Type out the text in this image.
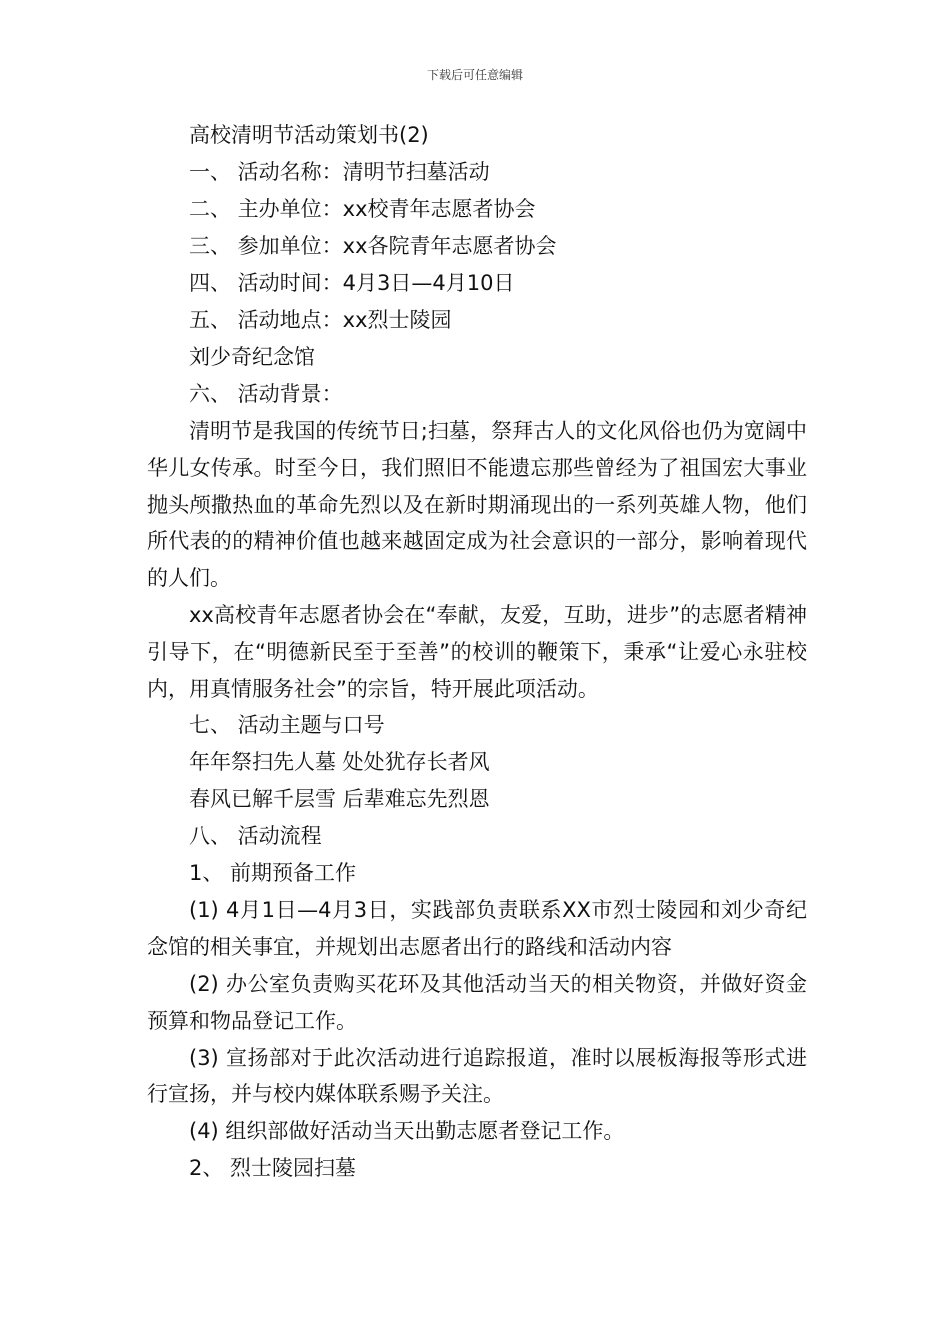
下载后可任意编辑
高校清明节活动策划书(2)
一、 活动名称：清明节扫墓活动
二、 主办单位：xx校青年志愿者协会
三、 参加单位：xx各院青年志愿者协会
四、 活动时间：4月3日—4月10日
五、 活动地点：xx烈士陵园
刘少奇纪念馆
六、 活动背景：
清明节是我国的传统节日;扫墓，祭拜古人的文化风俗也仍为宽阔中华儿女传承。时至今日，我们照旧不能遗忘那些曾经为了祖国宏大事业抛头颅撒热血的革命先烈以及在新时期涌现出的一系列英雄人物，他们所代表的的精神价值也越来越固定成为社会意识的一部分，影响着现代的人们。
xx高校青年志愿者协会在“奉献，友爱，互助，进步”的志愿者精神引导下，在“明德新民至于至善”的校训的鞭策下，秉承“让爱心永驻校内，用真情服务社会”的宗旨，特开展此项活动。
七、 活动主题与口号
年年祭扫先人墓 处处犹存长者风
春风已解千层雪 后辈难忘先烈恩
八、 活动流程
1、 前期预备工作
(1) 4月1日—4月3日，实践部负责联系XX市烈士陵园和刘少奇纪念馆的相关事宜，并规划出志愿者出行的路线和活动内容
(2) 办公室负责购买花环及其他活动当天的相关物资，并做好资金预算和物品登记工作。
(3) 宣扬部对于此次活动进行追踪报道，准时以展板海报等形式进行宣扬，并与校内媒体联系赐予关注。
(4) 组织部做好活动当天出勤志愿者登记工作。
2、 烈士陵园扫墓
